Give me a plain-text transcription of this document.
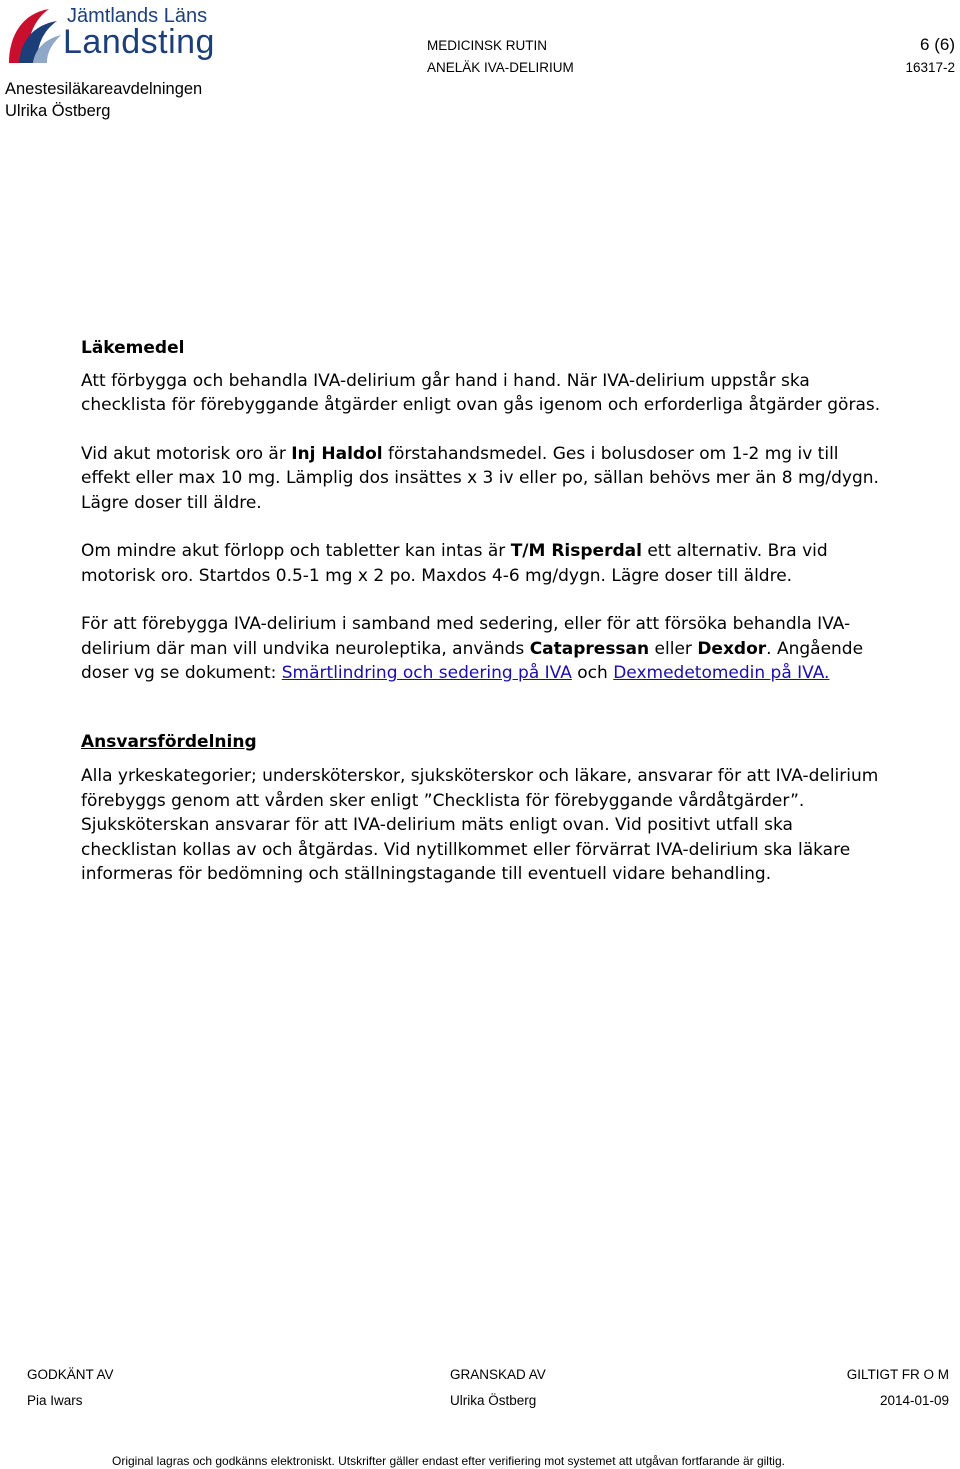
Jämtlands Läns
Landsting
Anestesiläkareavdelningen
Ulrika Östberg
MEDICINSK RUTIN	6 (6)
ANELÄK IVA-DELIRIUM	16317-2

Läkemedel

Att förbygga och behandla IVA-delirium går hand i hand. När IVA-delirium uppstår ska checklista för förebyggande åtgärder enligt ovan gås igenom och erforderliga åtgärder göras.

Vid akut motorisk oro är Inj Haldol förstahandsmedel. Ges i bolusdoser om 1-2 mg iv till effekt eller max 10 mg. Lämplig dos insättes x 3 iv eller po, sällan behövs mer än 8 mg/dygn. Lägre doser till äldre.

Om mindre akut förlopp och tabletter kan intas är T/M Risperdal ett alternativ. Bra vid motorisk oro. Startdos 0.5-1 mg x 2 po. Maxdos 4-6 mg/dygn. Lägre doser till äldre.

För att förebygga IVA-delirium i samband med sedering, eller för att försöka behandla IVA-delirium där man vill undvika neuroleptika, används Catapressan eller Dexdor. Angående doser vg se dokument: Smärtlindring och sedering på IVA och Dexmedetomedin på IVA.

Ansvarsfördelning

Alla yrkeskategorier; undersköterskor, sjuksköterskor och läkare, ansvarar för att IVA-delirium förebyggs genom att vården sker enligt ”Checklista för förebyggande vårdåtgärder”. Sjuksköterskan ansvarar för att IVA-delirium mäts enligt ovan. Vid positivt utfall ska checklistan kollas av och åtgärdas. Vid nytillkommet eller förvärrat IVA-delirium ska läkare informeras för bedömning och ställningstagande till eventuell vidare behandling.

GODKÄNT AV	GRANSKAD AV	GILTIGT FR O M
Pia Iwars	Ulrika Östberg	2014-01-09
Original lagras och godkänns elektroniskt. Utskrifter gäller endast efter verifiering mot systemet att utgåvan fortfarande är giltig.
